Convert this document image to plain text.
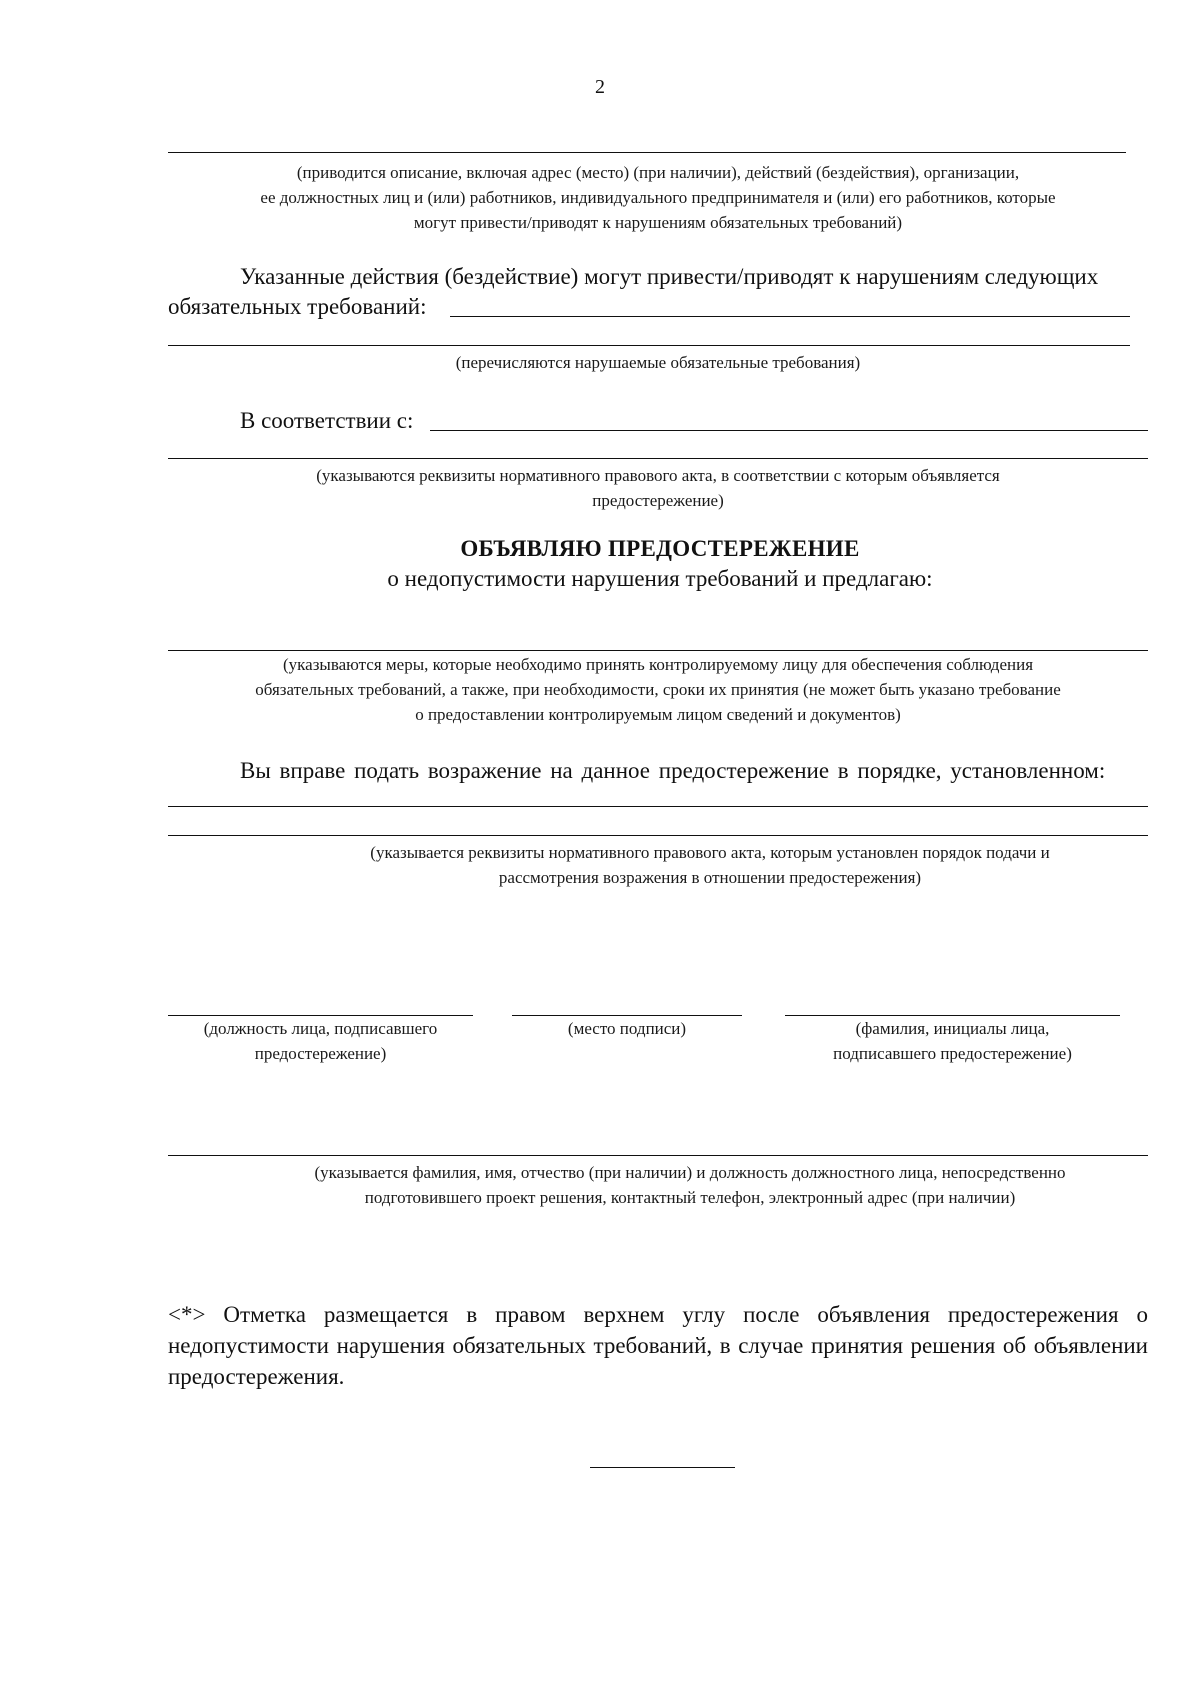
2
(приводится описание, включая адрес (место) (при наличии), действий (бездействия), организации,
ее должностных лиц и (или) работников, индивидуального предпринимателя и (или) его работников, которые
могут привести/приводят к нарушениям обязательных требований)
Указанные действия (бездействие) могут привести/приводят к нарушениям следующих
обязательных требований:
(перечисляются нарушаемые обязательные требования)
В соответствии с:
(указываются реквизиты нормативного правового акта, в соответствии с которым объявляется
предостережение)
ОБЪЯВЛЯЮ ПРЕДОСТЕРЕЖЕНИЕ
о недопустимости нарушения требований и предлагаю:
(указываются меры, которые необходимо принять контролируемому лицу для обеспечения соблюдения
обязательных требований, а также, при необходимости, сроки их принятия (не может быть указано требование
о предоставлении контролируемым лицом сведений и документов)
Вы вправе подать возражение на данное предостережение в порядке, установленном:
(указывается реквизиты нормативного правового акта, которым установлен порядок подачи и
рассмотрения возражения в отношении предостережения)
(должность лица, подписавшего
предостережение)
(место подписи)	(фамилия, инициалы лица,
подписавшего предостережение)
(указывается фамилия, имя, отчество (при наличии) и должность должностного лица, непосредственно
подготовившего проект решения, контактный телефон, электронный адрес (при наличии)
<*> Отметка размещается в правом верхнем углу после объявления предостережения о недопустимости нарушения обязательных требований, в случае принятия решения об объявлении предостережения.
